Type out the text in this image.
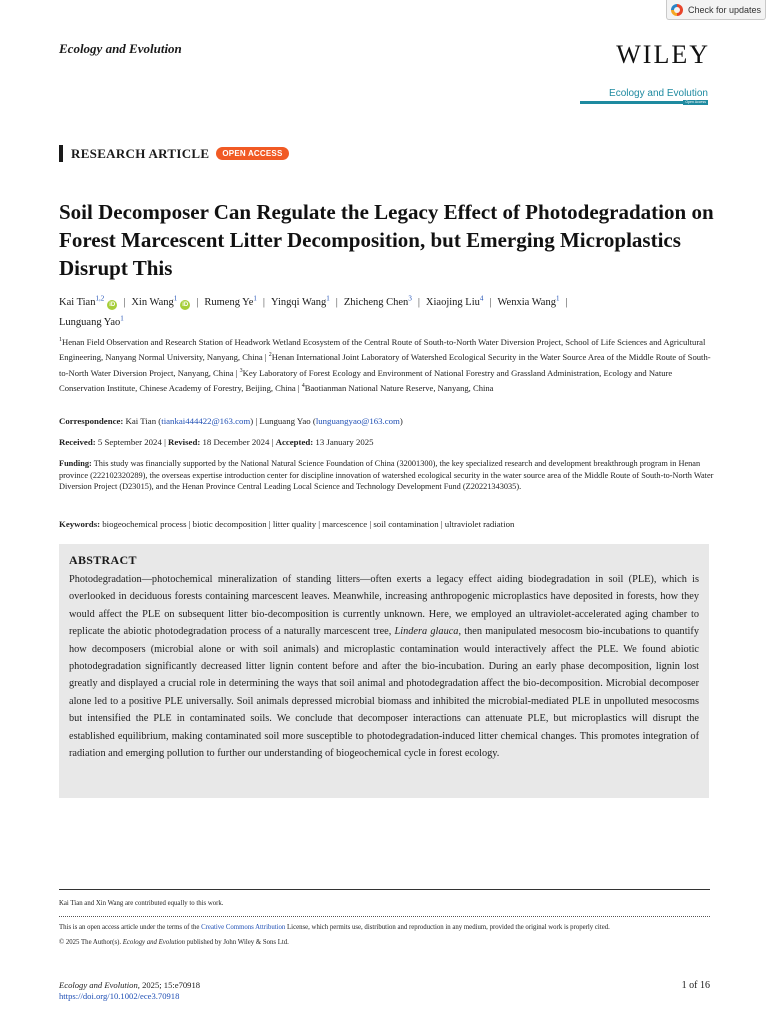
Check for updates
Ecology and Evolution	WILEY
Ecology and Evolution
Open Access
RESEARCH ARTICLE	OPEN ACCESS
Soil Decomposer Can Regulate the Legacy Effect of Photodegradation on Forest Marcescent Litter Decomposition, but Emerging Microplastics Disrupt This
Kai Tian$^{1,2}$iD | Xin Wang$^1$iD | Rumeng Ye$^1$ | Yingqi Wang$^1$ | Zhicheng Chen$^3$ | Xiaojing Liu$^4$ | Wenxia Wang$^1$ |
Lunguang Yao$^1$
$^1$Henan Field Observation and Research Station of Headwork Wetland Ecosystem of the Central Route of South-to-North Water Diversion Project, School of Life Sciences and Agricultural Engineering, Nanyang Normal University, Nanyang, China | $^2$Henan International Joint Laboratory of Watershed Ecological Security in the Water Source Area of the Middle Route of South-to-North Water Diversion Project, Nanyang, China | $^3$Key Laboratory of Forest Ecology and Environment of National Forestry and Grassland Administration, Ecology and Nature Conservation Institute, Chinese Academy of Forestry, Beijing, China | $^4$Baotianman National Nature Reserve, Nanyang, China
Correspondence: Kai Tian (tiankai444422@163.com) | Lunguang Yao (lunguangyao@163.com)
Received: 5 September 2024 | Revised: 18 December 2024 | Accepted: 13 January 2025
Funding: This study was financially supported by the National Natural Science Foundation of China (32001300), the key specialized research and development breakthrough program in Henan province (222102320289), the overseas expertise introduction center for discipline innovation of watershed ecological security in the water source area of the Middle Route of South-to-North Water Diversion Project (D23015), and the Henan Province Central Leading Local Science and Technology Development Fund (Z20221343035).
Keywords: biogeochemical process | biotic decomposition | litter quality | marcescence | soil contamination | ultraviolet radiation
ABSTRACT

Photodegradation—photochemical mineralization of standing litters—often exerts a legacy effect aiding biodegradation in soil (PLE), which is overlooked in deciduous forests containing marcescent leaves. Meanwhile, increasing anthropogenic microplastics have deposited in forests, how they would affect the PLE on subsequent litter bio-decomposition is currently unknown. Here, we employed an ultraviolet-accelerated aging chamber to replicate the abiotic photodegradation process of a naturally marcescent tree, Lindera glauca, then manipulated mesocosm bio-incubations to quantify how decomposers (microbial alone or with soil animals) and microplastic contamination would interactively affect the PLE. We found abiotic photodegradation significantly decreased litter lignin content before and after the bio-incubation. During an early phase decomposition, lignin lost greatly and displayed a crucial role in determining the ways that soil animal and photodegradation affect the bio-decomposition. Microbial decomposer alone led to a positive PLE universally. Soil animals depressed microbial biomass and inhibited the microbial-mediated PLE in unpolluted mesocosms but intensified the PLE in contaminated soils. We conclude that decomposer interactions can attenuate PLE, but microplastics will disrupt the established equilibrium, making contaminated soil more susceptible to photodegradation-induced litter chemical changes. This promotes integration of radiation and emerging pollution to further our understanding of biogeochemical cycle in forest ecology.

Kai Tian and Xin Wang are contributed equally to this work.
This is an open access article under the terms of the Creative Commons Attribution License, which permits use, distribution and reproduction in any medium, provided the original work is properly cited.
© 2025 The Author(s). Ecology and Evolution published by John Wiley & Sons Ltd.
Ecology and Evolution, 2025; 15:e70918
https://doi.org/10.1002/ece3.70918
1 of 16
